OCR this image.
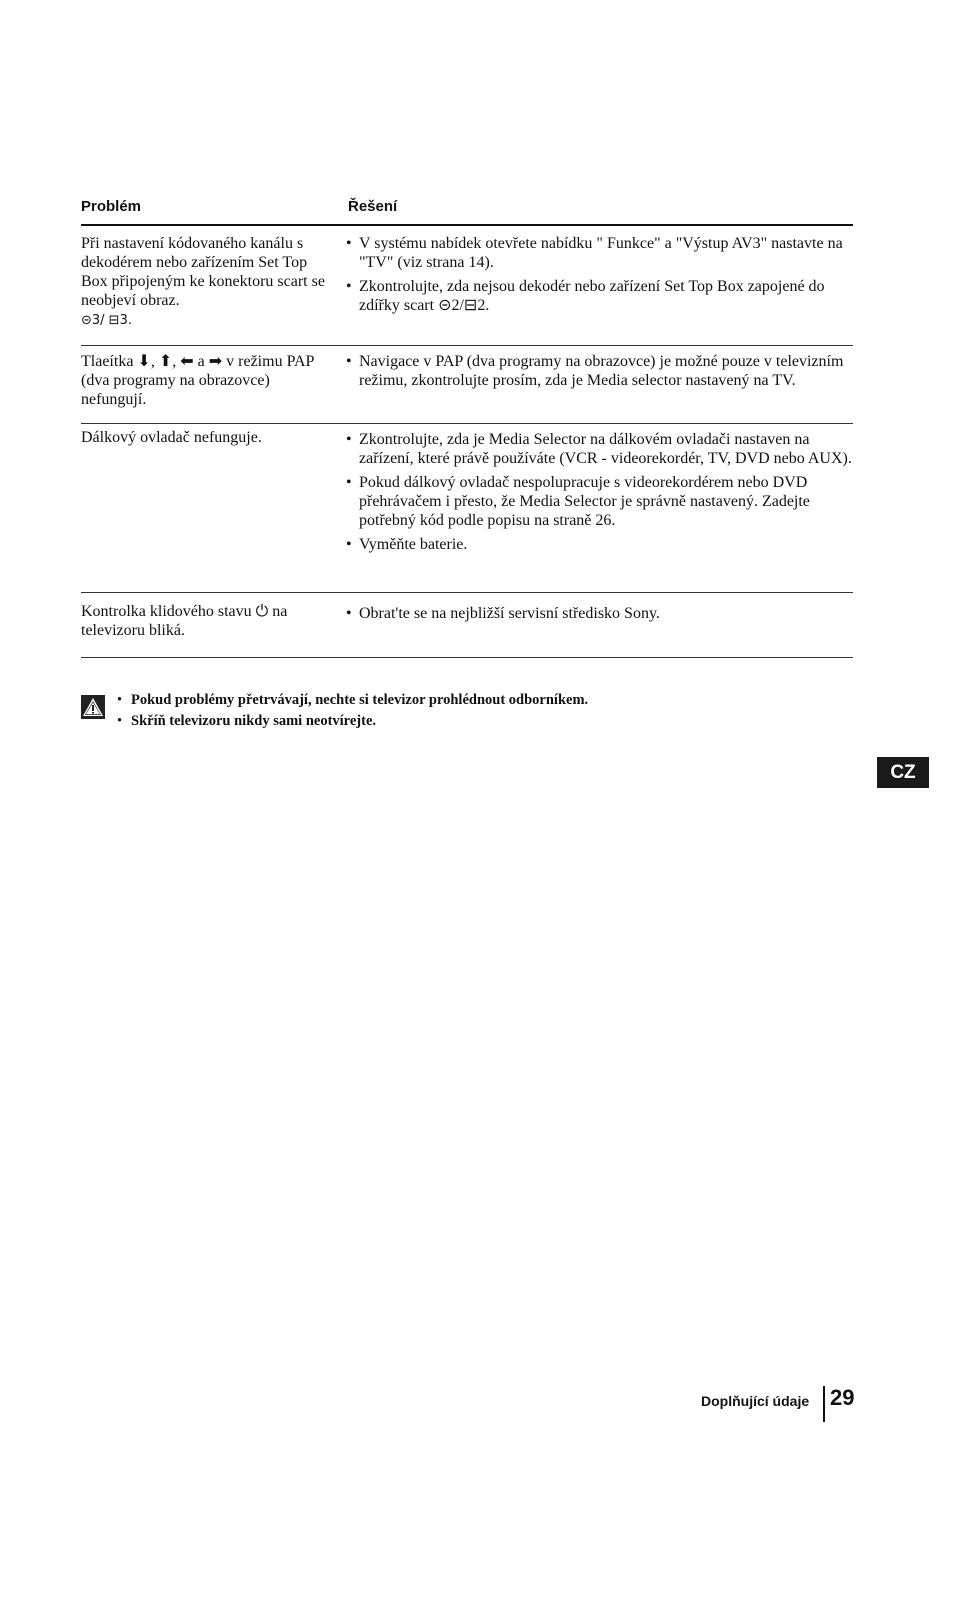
Problém	Řešení
Při nastavení kódovaného kanálu s dekodérem nebo zařízením Set Top Box připojeným ke konektoru scart se neobjeví obraz.
⊝3/ ⊟3.
• V systému nabídek otevřete nabídku " Funkce" a "Výstup AV3" nastavte na "TV" (viz strana 14).
• Zkontrolujte, zda nejsou dekodér nebo zařízení Set Top Box zapojené do zdířky scart ⊝2/⊟2.
Tlaeítka ⬇, ⬆, ⬅ a ➡ v režimu PAP (dva programy na obrazovce) nefungují.
• Navigace v PAP (dva programy na obrazovce) je možné pouze v televizním režimu, zkontrolujte prosím, zda je Media selector nastavený na TV.
Dálkový ovladač nefunguje.	• Zkontrolujte, zda je Media Selector na dálkovém ovladači nastaven na zařízení, které právě používáte (VCR - videorekordér, TV, DVD nebo AUX).
• Pokud dálkový ovladač nespolupracuje s videorekordérem nebo DVD přehrávačem i přesto, že Media Selector je správně nastavený. Zadejte potřebný kód podle popisu na straně 26.
• Vyměňte baterie.
Kontrolka klidového stavu ⏻ na televizoru bliká.
• Obrat'te se na nejbližší servisní středisko Sony.
• Pokud problémy přetrvávají, nechte si televizor prohlédnout odborníkem.
• Skříň televizoru nikdy sami neotvírejte.
CZ
Doplňující údaje 29
